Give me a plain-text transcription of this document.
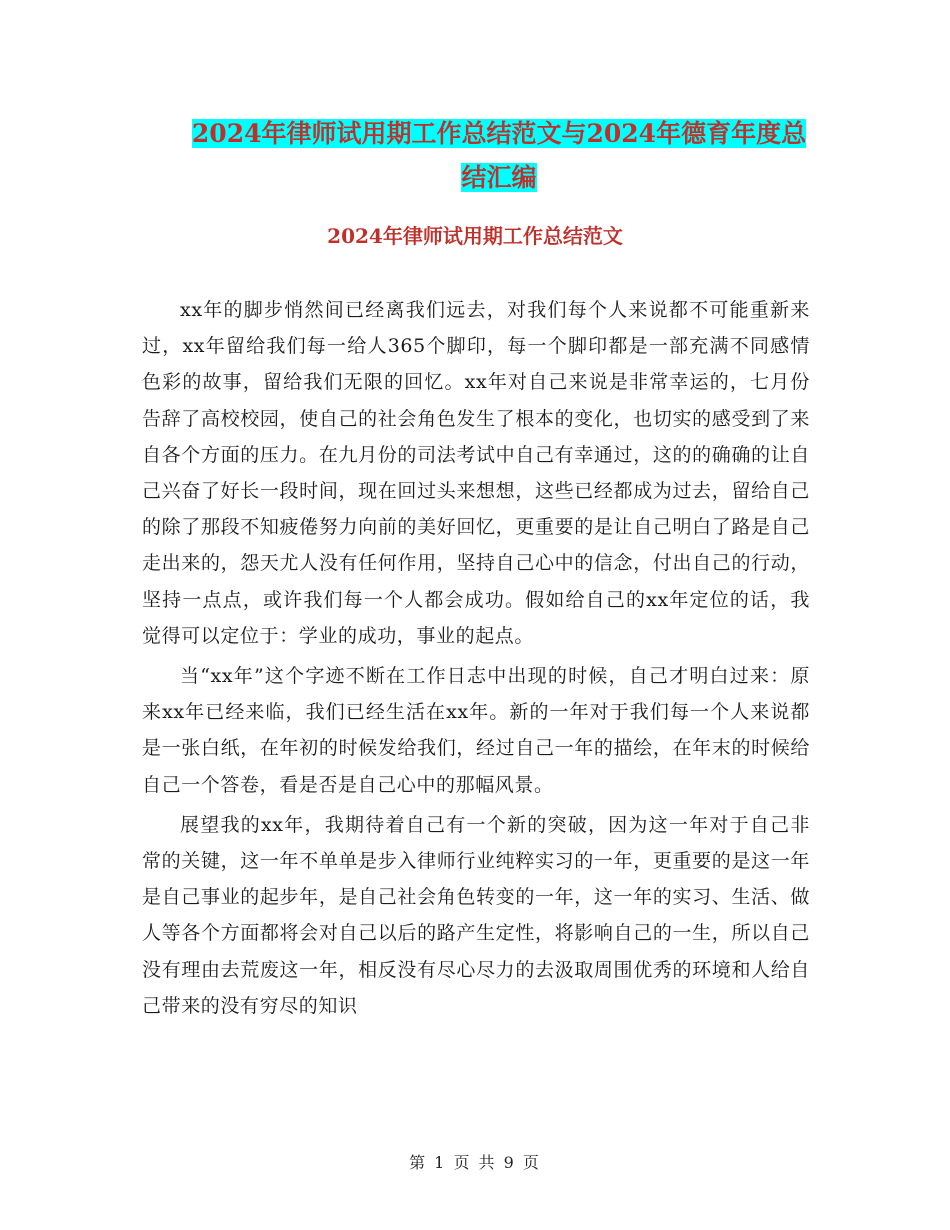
2024年律师试用期工作总结范文与2024年德育年度总结汇编
2024年律师试用期工作总结范文

xx年的脚步悄然间已经离我们远去，对我们每个人来说都不可能重新来过，xx年留给我们每一给人365个脚印，每一个脚印都是一部充满不同感情色彩的故事，留给我们无限的回忆。xx年对自己来说是非常幸运的，七月份告辞了高校校园，使自己的社会角色发生了根本的变化，也切实的感受到了来自各个方面的压力。在九月份的司法考试中自己有幸通过，这的的确确的让自己兴奋了好长一段时间，现在回过头来想想，这些已经都成为过去，留给自己的除了那段不知疲倦努力向前的美好回忆，更重要的是让自己明白了路是自己走出来的，怨天尤人没有任何作用，坚持自己心中的信念，付出自己的行动，坚持一点点，或许我们每一个人都会成功。假如给自己的xx年定位的话，我觉得可以定位于：学业的成功，事业的起点。

当“xx年”这个字迹不断在工作日志中出现的时候，自己才明白过来：原来xx年已经来临，我们已经生活在xx年。新的一年对于我们每一个人来说都是一张白纸，在年初的时候发给我们，经过自己一年的描绘，在年末的时候给自己一个答卷，看是否是自己心中的那幅风景。

展望我的xx年，我期待着自己有一个新的突破，因为这一年对于自己非常的关键，这一年不单单是步入律师行业纯粹实习的一年，更重要的是这一年是自己事业的起步年，是自己社会角色转变的一年，这一年的实习、生活、做人等各个方面都将会对自己以后的路产生定性，将影响自己的一生，所以自己没有理由去荒废这一年，相反没有尽心尽力的去汲取周围优秀的环境和人给自己带来的没有穷尽的知识

第 1 页 共 9 页
